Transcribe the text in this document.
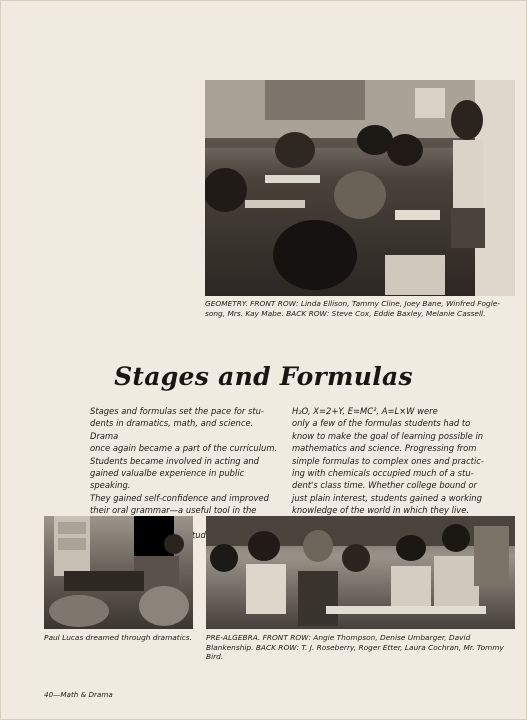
GEOMETRY. FRONT ROW: Linda Ellison, Tammy Cline, Joey Bane, Winfred Fogle-
song, Mrs. Kay Mabe. BACK ROW: Steve Cox, Eddie Baxley, Melanie Cassell.

Stages and Formulas

Stages and formulas set the pace for stu-
dents in dramatics, math, and science. Drama
once again became a part of the curriculum.
Students became involved in acting and
gained valualbe experience in public speaking.
They gained self-confidence and improved
their oral grammar—a useful tool in the

H₂O, X=2+Y, E=MC², A=L×W were
only a few of the formulas students had to
know to make the goal of learning possible in
mathematics and science. Progressing from
simple formulas to complex ones and practic-
ing with chemicals occupied much of a stu-
dent's class time. Whether college bound or
just plain interest, students gained a working
knowledge of the world in which they live.

Paul Lucas dreamed through dramatics.	PRE-ALGEBRA. FRONT ROW: Angie Thompson, Denise Umbarger, David
Blankenship. BACK ROW: T. J. Roseberry, Roger Etter, Laura Cochran, Mr. Tommy
Bird.

40—Math & Drama
